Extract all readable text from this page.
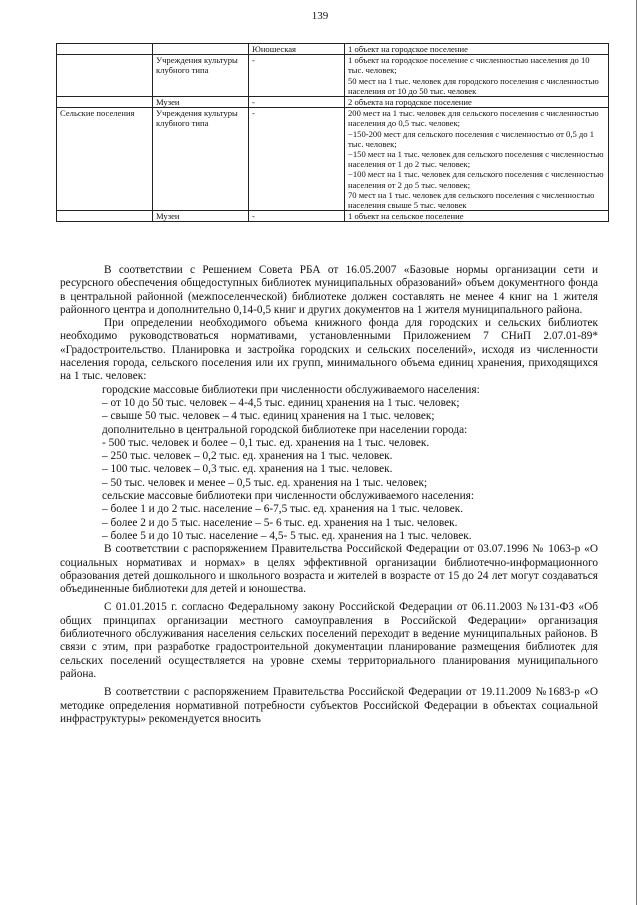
139
		Юношеская	1 объект на городское поселение

	Учреждения культуры клубного типа	-	1 объект на городское поселение с численностью населения до 10 тыс. человек;
50 мест на 1 тыс. человек для городского поселения с численностью населения от 10 до 50 тыс. человек

	Музеи	-	2 объекта на городское поселение

Сельские поселения	Учреждения культуры клубного типа	-	200 мест на 1 тыс. человек для сельского поселения с численностью населения до 0,5 тыс. человек;
−150-200 мест для сельского поселения с численностью от 0,5 до 1 тыс. человек;
−150 мест на 1 тыс. человек для сельского поселения с численностью населения от 1 до 2 тыс. человек;
−100 мест на 1 тыс. человек для сельского поселения с численностью населения от 2 до 5 тыс. человек;
70 мест на 1 тыс. человек для сельского поселения с численностью населения свыше 5 тыс. человек

	Музеи	-	1 объект на сельское поселение

В соответствии с Решением Совета РБА от 16.05.2007 «Базовые нормы организации сети и ресурсного обеспечения общедоступных библиотек муниципальных образований» объем документного фонда в центральной районной (межпоселенческой) библиотеке должен составлять не менее 4 книг на 1 жителя районного центра и дополнительно 0,14-0,5 книг и других документов на 1 жителя муниципального района.

При определении необходимого объема книжного фонда для городских и сельских библиотек необходимо руководствоваться нормативами, установленными Приложением 7 СНиП 2.07.01-89* «Градостроительство. Планировка и застройка городских и сельских поселений», исходя из численности населения города, сельского поселения или их групп, минимального объема единиц хранения, приходящихся на 1 тыс. человек:

городские массовые библиотеки при численности обслуживаемого населения:

– от 10 до 50 тыс. человек – 4-4,5 тыс. единиц хранения на 1 тыс. человек;

– свыше 50 тыс. человек – 4 тыс. единиц хранения на 1 тыс. человек;

дополнительно в центральной городской библиотеке при населении города:

- 500 тыс. человек и более – 0,1 тыс. ед. хранения на 1 тыс. человек.

– 250 тыс. человек – 0,2 тыс. ед. хранения на 1 тыс. человек.

– 100 тыс. человек – 0,3 тыс. ед. хранения на 1 тыс. человек.

– 50 тыс. человек и менее – 0,5 тыс. ед. хранения на 1 тыс. человек;

сельские массовые библиотеки при численности обслуживаемого населения:

– более 1 и до 2 тыс. население – 6-7,5 тыс. ед. хранения на 1 тыс. человек.

– более 2 и до 5 тыс. население – 5- 6 тыс. ед. хранения на 1 тыс. человек.

– более 5 и до 10 тыс. население – 4,5- 5 тыс. ед. хранения на 1 тыс. человек.

В соответствии с распоряжением Правительства Российской Федерации от 03.07.1996 № 1063-р «О социальных нормативах и нормах» в целях эффективной организации библиотечно-информационного образования детей дошкольного и школьного возраста и жителей в возрасте от 15 до 24 лет могут создаваться объединенные библиотеки для детей и юношества.

С 01.01.2015 г. согласно Федеральному закону Российской Федерации от 06.11.2003 №131-ФЗ «Об общих принципах организации местного самоуправления в Российской Федерации» организация библиотечного обслуживания населения сельских поселений переходит в ведение муниципальных районов. В связи с этим, при разработке градостроительной документации планирование размещения библиотек для сельских поселений осуществляется на уровне схемы территориального планирования муниципального района.

В соответствии с распоряжением Правительства Российской Федерации от 19.11.2009 №1683-р «О методике определения нормативной потребности субъектов Российской Федерации в объектах социальной инфраструктуры» рекомендуется вносить
